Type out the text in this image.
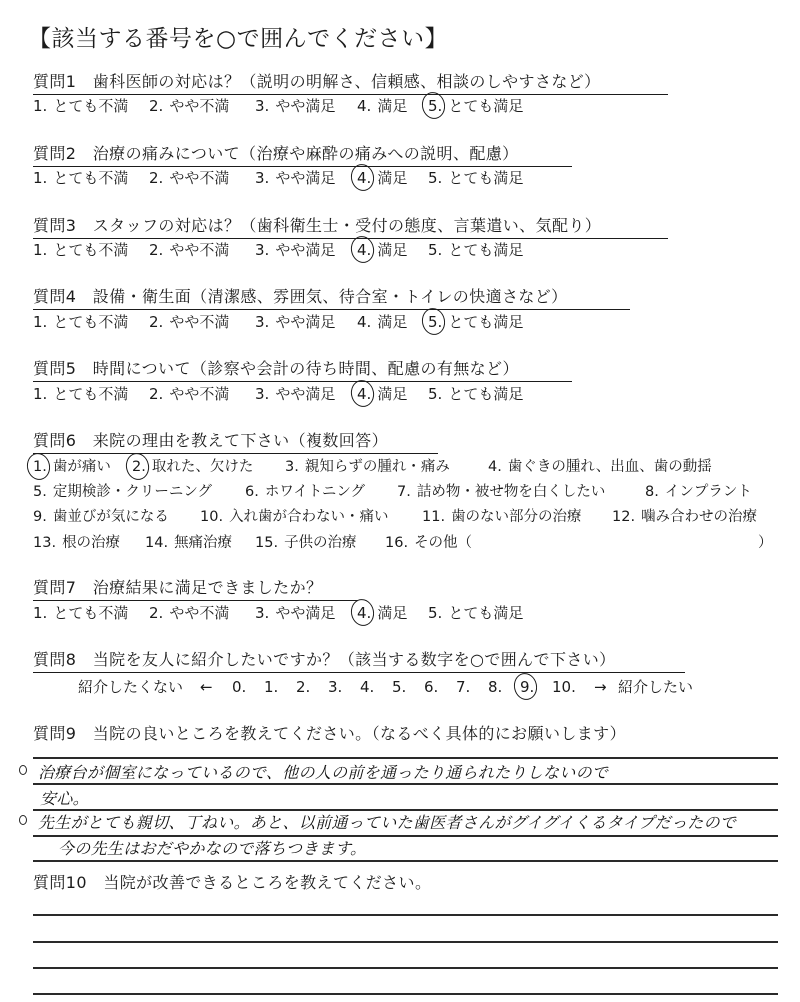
【該当する番号を○で囲んでください】
質問1　歯科医師の対応は？（説明の明解さ、信頼感、相談のしやすさなど）
1. とても不満 2. やや不満 3. やや満足 4. 満足 5. とても満足
質問2　治療の痛みについて（治療や麻酔の痛みへの説明、配慮）
1. とても不満 2. やや不満 3. やや満足 4. 満足 5. とても満足
質問3　スタッフの対応は？（歯科衛生士・受付の態度、言葉遣い、気配り）
1. とても不満 2. やや不満 3. やや満足 4. 満足 5. とても満足
質問4　設備・衛生面（清潔感、雰囲気、待合室・トイレの快適さなど）
1. とても不満 2. やや不満 3. やや満足 4. 満足 5. とても満足
質問5　時間について（診察や会計の待ち時間、配慮の有無など）
1. とても不満 2. やや不満 3. やや満足 4. 満足 5. とても満足
質問6　来院の理由を教えて下さい（複数回答）
1. 歯が痛い 2. 取れた、欠けた 3. 親知らずの腫れ・痛み	4. 歯ぐきの腫れ、出血、歯の動揺
5. 定期検診・クリーニング 6. ホワイトニング 7. 詰め物・被せ物を白くしたい	8. インプラント
9. 歯並びが気になる 10. 入れ歯が合わない・痛い 11. 歯のない部分の治療 12. 噛み合わせの治療
13. 根の治療 14. 無痛治療 15. 子供の治療 16. その他（	）
質問7　治療結果に満足できましたか？
1. とても不満 2. やや不満 3. やや満足 4. 満足 5. とても満足
質問8　当院を友人に紹介したいですか？（該当する数字を○で囲んで下さい）
紹介したくない	←	0.	1.	2.	3.	4.	5.	6.	7.	8.	9.	10.	→ 紹介したい
質問9　当院の良いところを教えてください。（なるべく具体的にお願いします）
治療台が個室になっているので、他の人の前を通ったり通られたりしないので
安心。
先生がとても親切、丁ねい。あと、以前通っていた歯医者さんがグイグイくるタイプだったので
今の先生はおだやかなので落ちつきます。
質問10　当院が改善できるところを教えてください。
